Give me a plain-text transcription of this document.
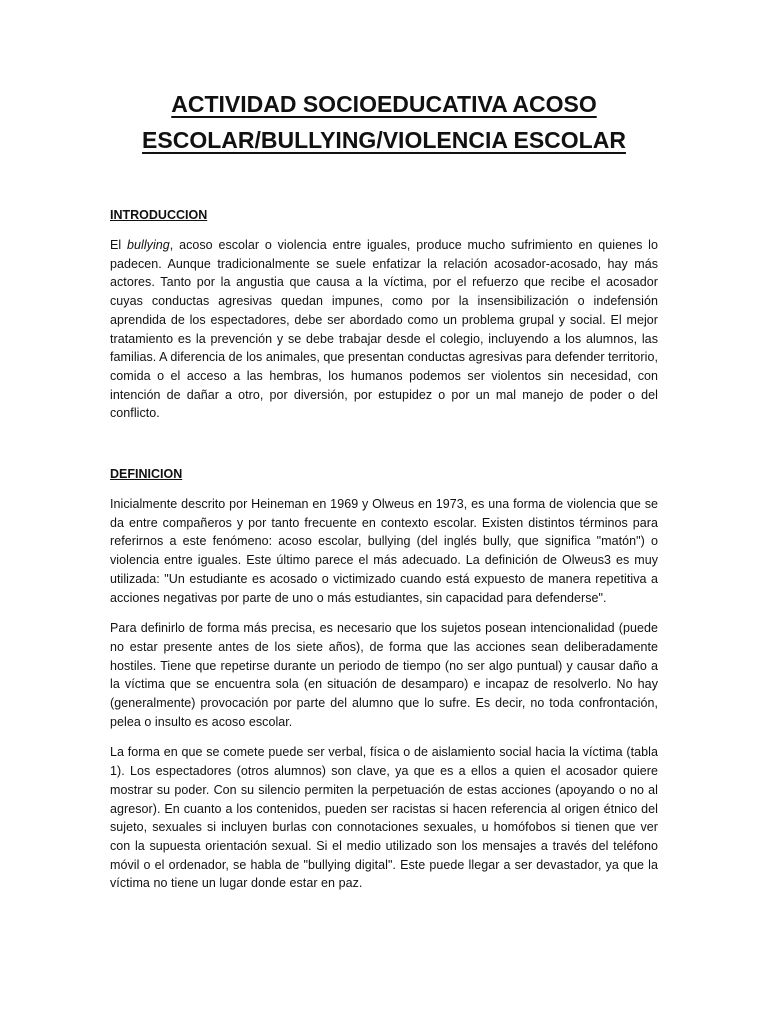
ACTIVIDAD SOCIOEDUCATIVA ACOSO
ESCOLAR/BULLYING/VIOLENCIA ESCOLAR
INTRODUCCION

El bullying, acoso escolar o violencia entre iguales, produce mucho sufrimiento en quienes lo padecen. Aunque tradicionalmente se suele enfatizar la relación acosador-acosado, hay más actores. Tanto por la angustia que causa a la víctima, por el refuerzo que recibe el acosador cuyas conductas agresivas quedan impunes, como por la insensibilización o indefensión aprendida de los espectadores, debe ser abordado como un problema grupal y social. El mejor tratamiento es la prevención y se debe trabajar desde el colegio, incluyendo a los alumnos, las familias. A diferencia de los animales, que presentan conductas agresivas para defender territorio, comida o el acceso a las hembras, los humanos podemos ser violentos sin necesidad, con intención de dañar a otro, por diversión, por estupidez o por un mal manejo de poder o del conflicto.

DEFINICION

Inicialmente descrito por Heineman en 1969 y Olweus en 1973, es una forma de violencia que se da entre compañeros y por tanto frecuente en contexto escolar. Existen distintos términos para referirnos a este fenómeno: acoso escolar, bullying (del inglés bully, que significa "matón") o violencia entre iguales. Este último parece el más adecuado. La definición de Olweus3 es muy utilizada: "Un estudiante es acosado o victimizado cuando está expuesto de manera repetitiva a acciones negativas por parte de uno o más estudiantes, sin capacidad para defenderse".

Para definirlo de forma más precisa, es necesario que los sujetos posean intencionalidad (puede no estar presente antes de los siete años), de forma que las acciones sean deliberadamente hostiles. Tiene que repetirse durante un periodo de tiempo (no ser algo puntual) y causar daño a la víctima que se encuentra sola (en situación de desamparo) e incapaz de resolverlo. No hay (generalmente) provocación por parte del alumno que lo sufre. Es decir, no toda confrontación, pelea o insulto es acoso escolar.

La forma en que se comete puede ser verbal, física o de aislamiento social hacia la víctima (tabla 1). Los espectadores (otros alumnos) son clave, ya que es a ellos a quien el acosador quiere mostrar su poder. Con su silencio permiten la perpetuación de estas acciones (apoyando o no al agresor). En cuanto a los contenidos, pueden ser racistas si hacen referencia al origen étnico del sujeto, sexuales si incluyen burlas con connotaciones sexuales, u homófobos si tienen que ver con la supuesta orientación sexual. Si el medio utilizado son los mensajes a través del teléfono móvil o el ordenador, se habla de "bullying digital". Este puede llegar a ser devastador, ya que la víctima no tiene un lugar donde estar en paz.
